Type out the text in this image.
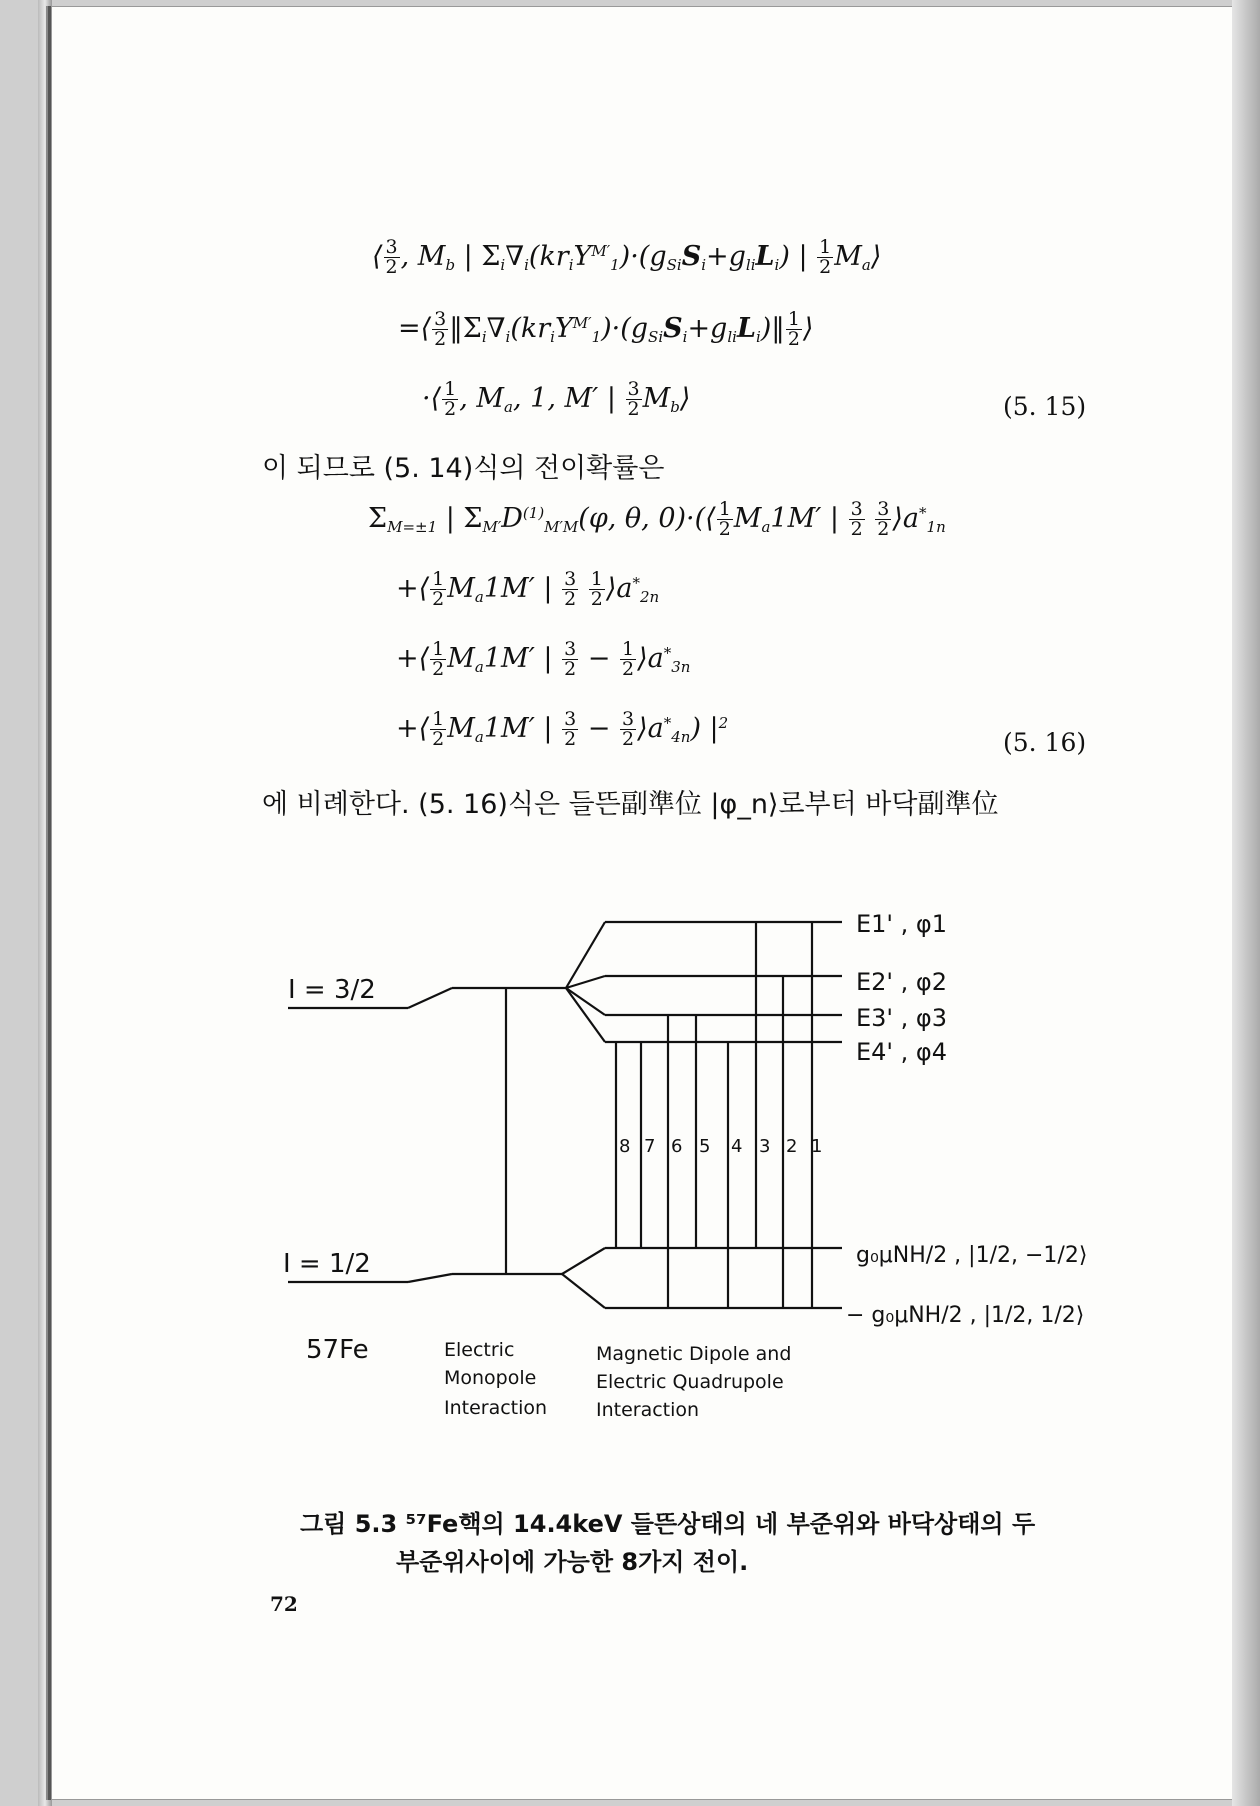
⟨ $\frac{3}{2}$ , $M_b$ | $\Sigma_i\nabla_i(kr_iY^{M'}_1)\cdot(g_{Si}S_i+g_{li}L_i)$ | $\frac{1}{2}$ $M_a⟩$
=⟨ $\frac{3}{2}$ $‖\Sigma_i\nabla_i(kr_iY^{M'}_1)\cdot(g_{Si}S_i+g_{li}L_i)‖ \frac{1}{2}$ ⟩
·⟨ $\frac{1}{2}$ , $M_a$, 1, M′ | $\frac{3}{2}$ $M_b⟩$	(5. 15)
이 되므로 (5. 14)식의 전이확률은
$\Sigma_{M=\pm 1}$ | $\Sigma_{M'}D^{(1)}_{M'M}(\varphi$, θ, 0)·(⟨ $\frac{1}{2} M_a1M'$ | $\frac{3}{2}$
$\frac{3}{2}$ $⟩a^*_{1n}$
+⟨ $\frac{1}{2} M_a1M'$ | $\frac{3}{2}$
$\frac{1}{2}$ $⟩a^*_{2n}$
+⟨ $\frac{1}{2} M_a1M'$ | $\frac{3}{2} - \frac{1}{2}$ $⟩a^*_{3n}$
+⟨ $\frac{1}{2} M_a1M'$ | $\frac{3}{2} - \frac{3}{2}$ $⟩a^*_{4n}$) $|^2$
(5. 16)
에 비례한다. (5. 16)식은 들뜬副準位 |φ_n⟩로부터 바닥副準位
I = 3/2
I = 1/2
57Fe
E1' , φ1
E2' , φ2
E3' , φ3
E4' , φ4
8 7 6 5 4 3 2 1
g₀μNH/2 , |1/2, −1/2⟩
− g₀μNH/2 , |1/2, 1/2⟩
Electric
Monopole
Interaction
Magnetic Dipole and
Electric Quadrupole
Interaction
그림 5.3 ⁵⁷Fe핵의 14.4keV 들뜬상태의 네 부준위와 바닥상태의 두
부준위사이에 가능한 8가지 전이.
72
